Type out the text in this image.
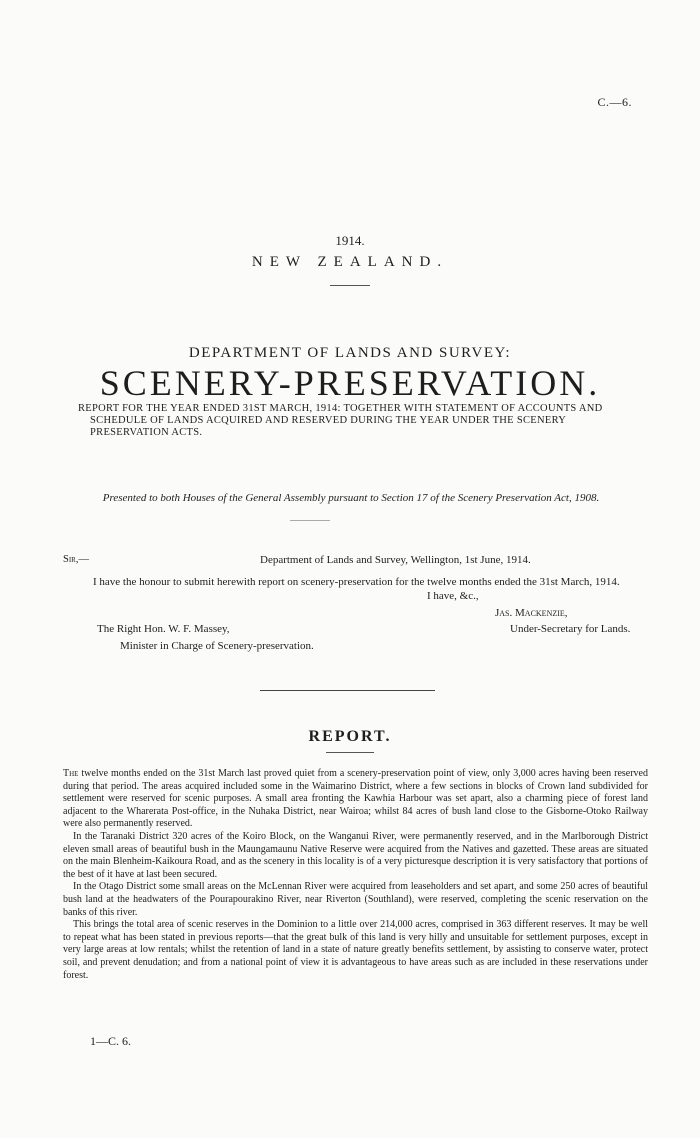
C.—6.
1914.
NEW ZEALAND.
DEPARTMENT OF LANDS AND SURVEY:
SCENERY-PRESERVATION.
REPORT FOR THE YEAR ENDED 31ST MARCH, 1914: TOGETHER WITH STATEMENT OF ACCOUNTS AND SCHEDULE OF LANDS ACQUIRED AND RESERVED DURING THE YEAR UNDER THE SCENERY PRESERVATION ACTS.
Presented to both Houses of the General Assembly pursuant to Section 17 of the Scenery Preservation Act, 1908.
Sir,—	Department of Lands and Survey, Wellington, 1st June, 1914.

I have the honour to submit herewith report on scenery-preservation for the twelve months ended the 31st March, 1914.

I have, &c.,
Jas. Mackenzie,
Under-Secretary for Lands.
The Right Hon. W. F. Massey,
Minister in Charge of Scenery-preservation.
REPORT.

The twelve months ended on the 31st March last proved quiet from a scenery-preservation point of view, only 3,000 acres having been reserved during that period. The areas acquired included some in the Waimarino District, where a few sections in blocks of Crown land subdivided for settlement were reserved for scenic purposes. A small area fronting the Kawhia Harbour was set apart, also a charming piece of forest land adjacent to the Wharerata Post-office, in the Nuhaka District, near Wairoa; whilst 84 acres of bush land close to the Gisborne-Otoko Railway were also permanently reserved.

In the Taranaki District 320 acres of the Koiro Block, on the Wanganui River, were permanently reserved, and in the Marlborough District eleven small areas of beautiful bush in the Maungamaunu Native Reserve were acquired from the Natives and gazetted. These areas are situated on the main Blenheim-Kaikoura Road, and as the scenery in this locality is of a very picturesque description it is very satisfactory that portions of the best of it have at last been secured.

In the Otago District some small areas on the McLennan River were acquired from leaseholders and set apart, and some 250 acres of beautiful bush land at the headwaters of the Pourapourakino River, near Riverton (Southland), were reserved, completing the scenic reservation on the banks of this river.

This brings the total area of scenic reserves in the Dominion to a little over 214,000 acres, comprised in 363 different reserves. It may be well to repeat what has been stated in previous reports—that the great bulk of this land is very hilly and unsuitable for settlement purposes, except in very large areas at low rentals; whilst the retention of land in a state of nature greatly benefits settlement, by assisting to conserve water, protect soil, and prevent denudation; and from a national point of view it is advantageous to have areas such as are included in these reservations under forest.

1—C. 6.
